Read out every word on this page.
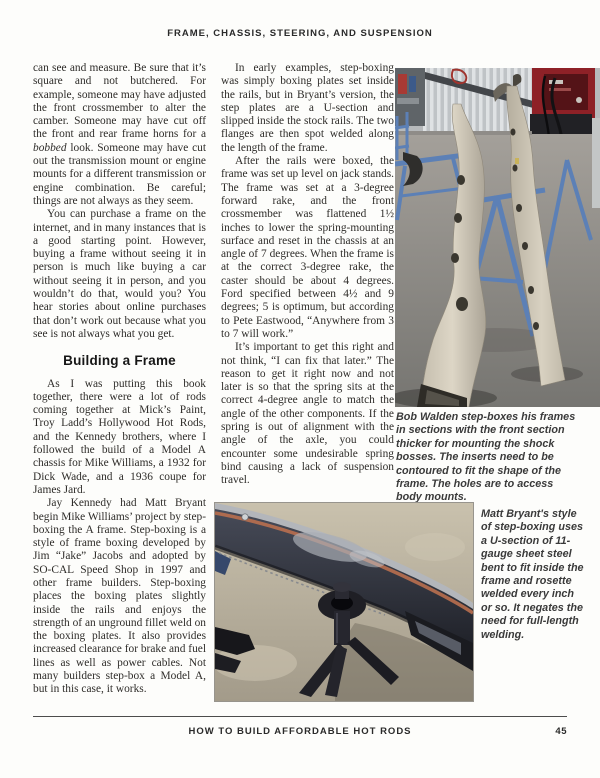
FRAME, CHASSIS, STEERING, AND SUSPENSION

can see and measure. Be sure that it’s square and not butchered. For example, someone may have adjusted the front crossmember to alter the camber. Someone may have cut off the front and rear frame horns for a bobbed look. Someone may have cut out the transmission mount or engine mounts for a different transmission or engine combination. Be careful; things are not always as they seem.

You can purchase a frame on the internet, and in many instances that is a good starting point. However, buying a frame without seeing it in person is much like buying a car without seeing it in person, and you wouldn’t do that, would you? You hear stories about online purchases that don’t work out because what you see is not always what you get.

Building a Frame

As I was putting this book together, there were a lot of rods coming together at Mick’s Paint, Troy Ladd’s Hollywood Hot Rods, and the Kennedy brothers, where I followed the build of a Model A chassis for Mike Williams, a 1932 for Dick Wade, and a 1936 coupe for James Jard.

Jay Kennedy had Matt Bryant begin Mike Williams’ project by step-boxing the A frame. Step-boxing is a style of frame boxing developed by Jim “Jake” Jacobs and adopted by SO-CAL Speed Shop in 1997 and other frame builders. Step-boxing places the boxing plates slightly inside the rails and enjoys the strength of an unground fillet weld on the boxing plates. It also provides increased clearance for brake and fuel lines as well as power cables. Not many builders step-box a Model A, but in this case, it works.

In early examples, step-boxing was simply boxing plates set inside the rails, but in Bryant’s version, the step plates are a U-section and slipped inside the stock rails. The two flanges are then spot welded along the length of the frame.

After the rails were boxed, the frame was set up level on jack stands. The frame was set at a 3-degree forward rake, and the front crossmember was flattened 1½ inches to lower the spring-mounting surface and reset in the chassis at an angle of 7 degrees. When the frame is at the correct 3-degree rake, the caster should be about 4 degrees. Ford specified between 4½ and 9 degrees; 5 is optimum, but according to Pete Eastwood, “Anywhere from 3 to 7 will work.”

It’s important to get this right and not think, “I can fix that later.” The reason to get it right now and not later is so that the spring sits at the correct 4-degree angle to match the angle of the other components. If the spring is out of alignment with the angle of the axle, you could encounter some undesirable spring bind causing a lack of suspension travel.

Bob Walden step-boxes his frames in sections with the front section thicker for mounting the shock bosses. The inserts need to be contoured to fit the shape of the frame. The holes are to access body mounts.
Matt Bryant's style of step-boxing uses a U-section of 11-gauge sheet steel bent to fit inside the frame and rosette welded every inch or so. It negates the need for full-length welding.
HOW TO BUILD AFFORDABLE HOT RODS	45
